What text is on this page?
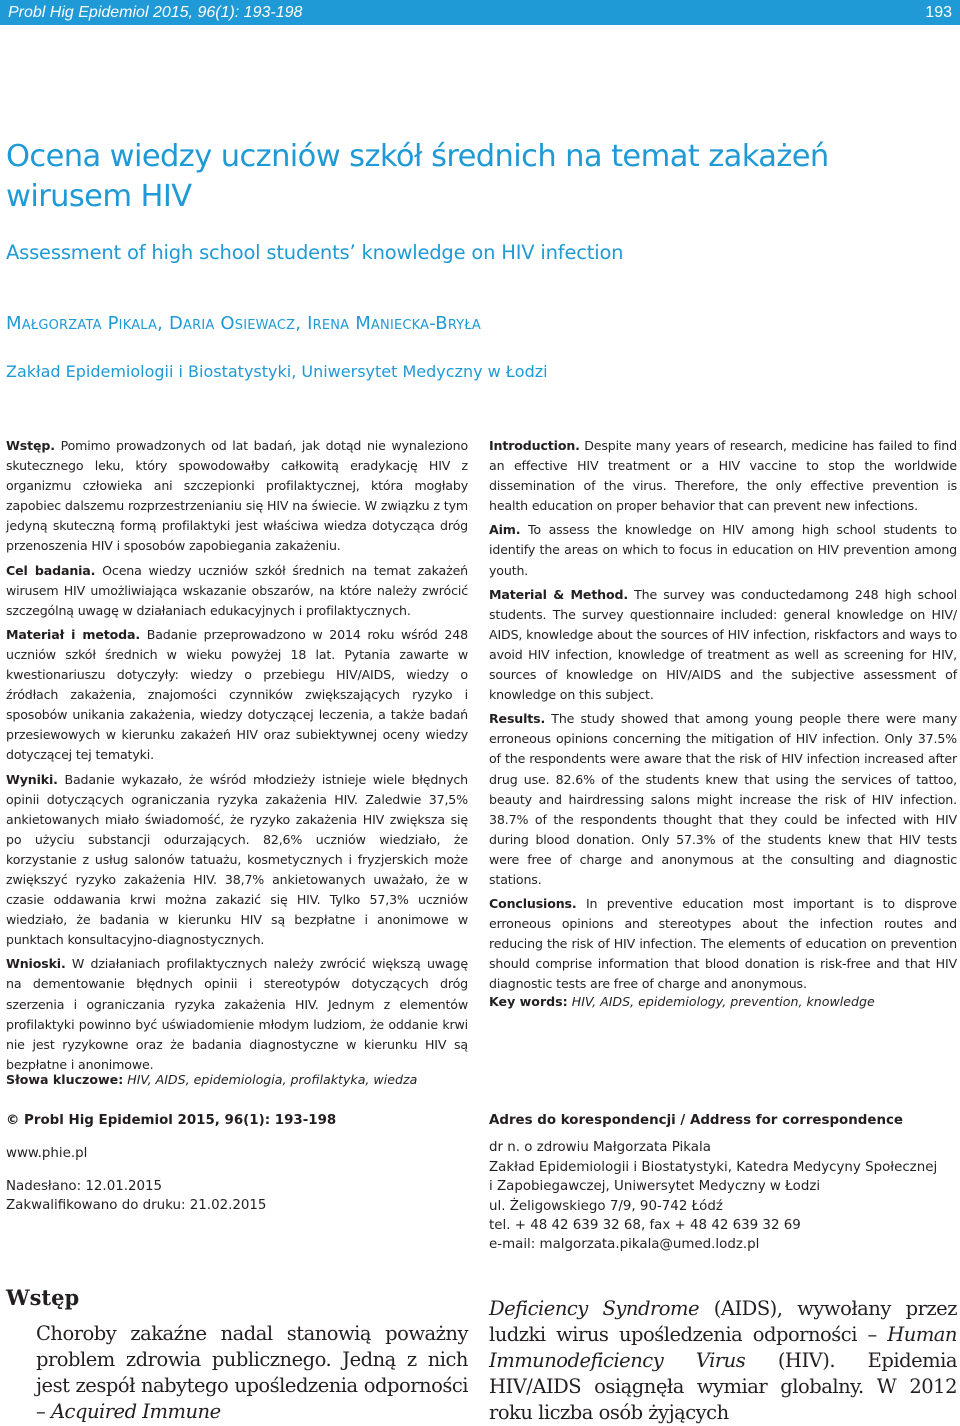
Probl Hig Epidemiol 2015, 96(1): 193-198	193
Ocena wiedzy uczniów szkół średnich na temat zakażeń
wirusem HIV
Assessment of high school students’ knowledge on HIV infection
Małgorzata Pikala, Daria Osiewacz, Irena Maniecka-Bryła
Zakład Epidemiologii i Biostatystyki, Uniwersytet Medyczny w Łodzi

Wstęp. Pomimo prowadzonych od lat badań, jak dotąd nie wynaleziono skutecznego leku, który spowodowałby całkowitą eradykację HIV z organizmu człowieka ani szczepionki profilaktycznej, która mogłaby zapobiec dalszemu rozprzestrzenianiu się HIV na świecie. W związku z tym jedyną skuteczną formą profilaktyki jest właściwa wiedza dotycząca dróg przenoszenia HIV i sposobów zapobiegania zakażeniu.

Cel badania. Ocena wiedzy uczniów szkół średnich na temat zakażeń wirusem HIV umożliwiająca wskazanie obszarów, na które należy zwrócić szczególną uwagę w działaniach edukacyjnych i profilaktycznych.

Materiał i metoda. Badanie przeprowadzono w 2014 roku wśród 248 uczniów szkół średnich w wieku powyżej 18 lat. Pytania zawarte w kwestionariuszu dotyczyły: wiedzy o przebiegu HIV/AIDS, wiedzy o źródłach zakażenia, znajomości czynników zwiększających ryzyko i sposobów unikania zakażenia, wiedzy dotyczącej leczenia, a także badań przesiewowych w kierunku zakażeń HIV oraz subiektywnej oceny wiedzy dotyczącej tej tematyki.

Wyniki. Badanie wykazało, że wśród młodzieży istnieje wiele błędnych opinii dotyczących ograniczania ryzyka zakażenia HIV. Zaledwie 37,5% ankietowanych miało świadomość, że ryzyko zakażenia HIV zwiększa się po użyciu substancji odurzających. 82,6% uczniów wiedziało, że korzystanie z usług salonów tatuażu, kosmetycznych i fryzjerskich może zwiększyć ryzyko zakażenia HIV. 38,7% ankietowanych uważało, że w czasie oddawania krwi można zakazić się HIV. Tylko 57,3% uczniów wiedziało, że badania w kierunku HIV są bezpłatne i anonimowe w punktach konsultacyjno-diagnostycznych.

Wnioski. W działaniach profilaktycznych należy zwrócić większą uwagę na dementowanie błędnych opinii i stereotypów dotyczących dróg szerzenia i ograniczania ryzyka zakażenia HIV. Jednym z elementów profilaktyki powinno być uświadomienie młodym ludziom, że oddanie krwi nie jest ryzykowne oraz że badania diagnostyczne w kierunku HIV są bezpłatne i anonimowe.

Słowa kluczowe: HIV, AIDS, epidemiologia, profilaktyka, wiedza

Introduction. Despite many years of research, medicine has failed to find an effective HIV treatment or a HIV vaccine to stop the worldwide dissemination of the virus. Therefore, the only effective prevention is health education on proper behavior that can prevent new infections.

Aim. To assess the knowledge on HIV among high school students to identify the areas on which to focus in education on HIV prevention among youth.

Material & Method. The survey was conductedamong 248 high school students. The survey questionnaire included: general knowledge on HIV/ AIDS, knowledge about the sources of HIV infection, riskfactors and ways to avoid HIV infection, knowledge of treatment as well as screening for HIV, sources of knowledge on HIV/AIDS and the subjective assessment of knowledge on this subject.

Results. The study showed that among young people there were many erroneous opinions concerning the mitigation of HIV infection. Only 37.5% of the respondents were aware that the risk of HIV infection increased after drug use. 82.6% of the students knew that using the services of tattoo, beauty and hairdressing salons might increase the risk of HIV infection. 38.7% of the respondents thought that they could be infected with HIV during blood donation. Only 57.3% of the students knew that HIV tests were free of charge and anonymous at the consulting and diagnostic stations.

Conclusions. In preventive education most important is to disprove erroneous opinions and stereotypes about the infection routes and reducing the risk of HIV infection. The elements of education on prevention should comprise information that blood donation is risk-free and that HIV diagnostic tests are free of charge and anonymous.

Key words: HIV, AIDS, epidemiology, prevention, knowledge
© Probl Hig Epidemiol 2015, 96(1): 193-198
www.phie.pl
Nadesłano: 12.01.2015
Zakwalifikowano do druku: 21.02.2015
Adres do korespondencji / Address for correspondence
dr n. o zdrowiu Małgorzata Pikala
Zakład Epidemiologii i Biostatystyki, Katedra Medycyny Społecznej
i Zapobiegawczej, Uniwersytet Medyczny w Łodzi
ul. Żeligowskiego 7/9, 90-742 Łódź
tel. + 48 42 639 32 68, fax + 48 42 639 32 69
e-mail: malgorzata.pikala@umed.lodz.pl
Wstęp
Choroby zakaźne nadal stanowią poważny problem zdrowia publicznego. Jedną z nich jest zespół nabytego upośledzenia odporności – Acquired Immune
Deficiency Syndrome (AIDS), wywołany przez ludzki wirus upośledzenia odporności – Human Immunodeficiency Virus (HIV). Epidemia HIV/AIDS osiągnęła wymiar globalny. W 2012 roku liczba osób żyjących
